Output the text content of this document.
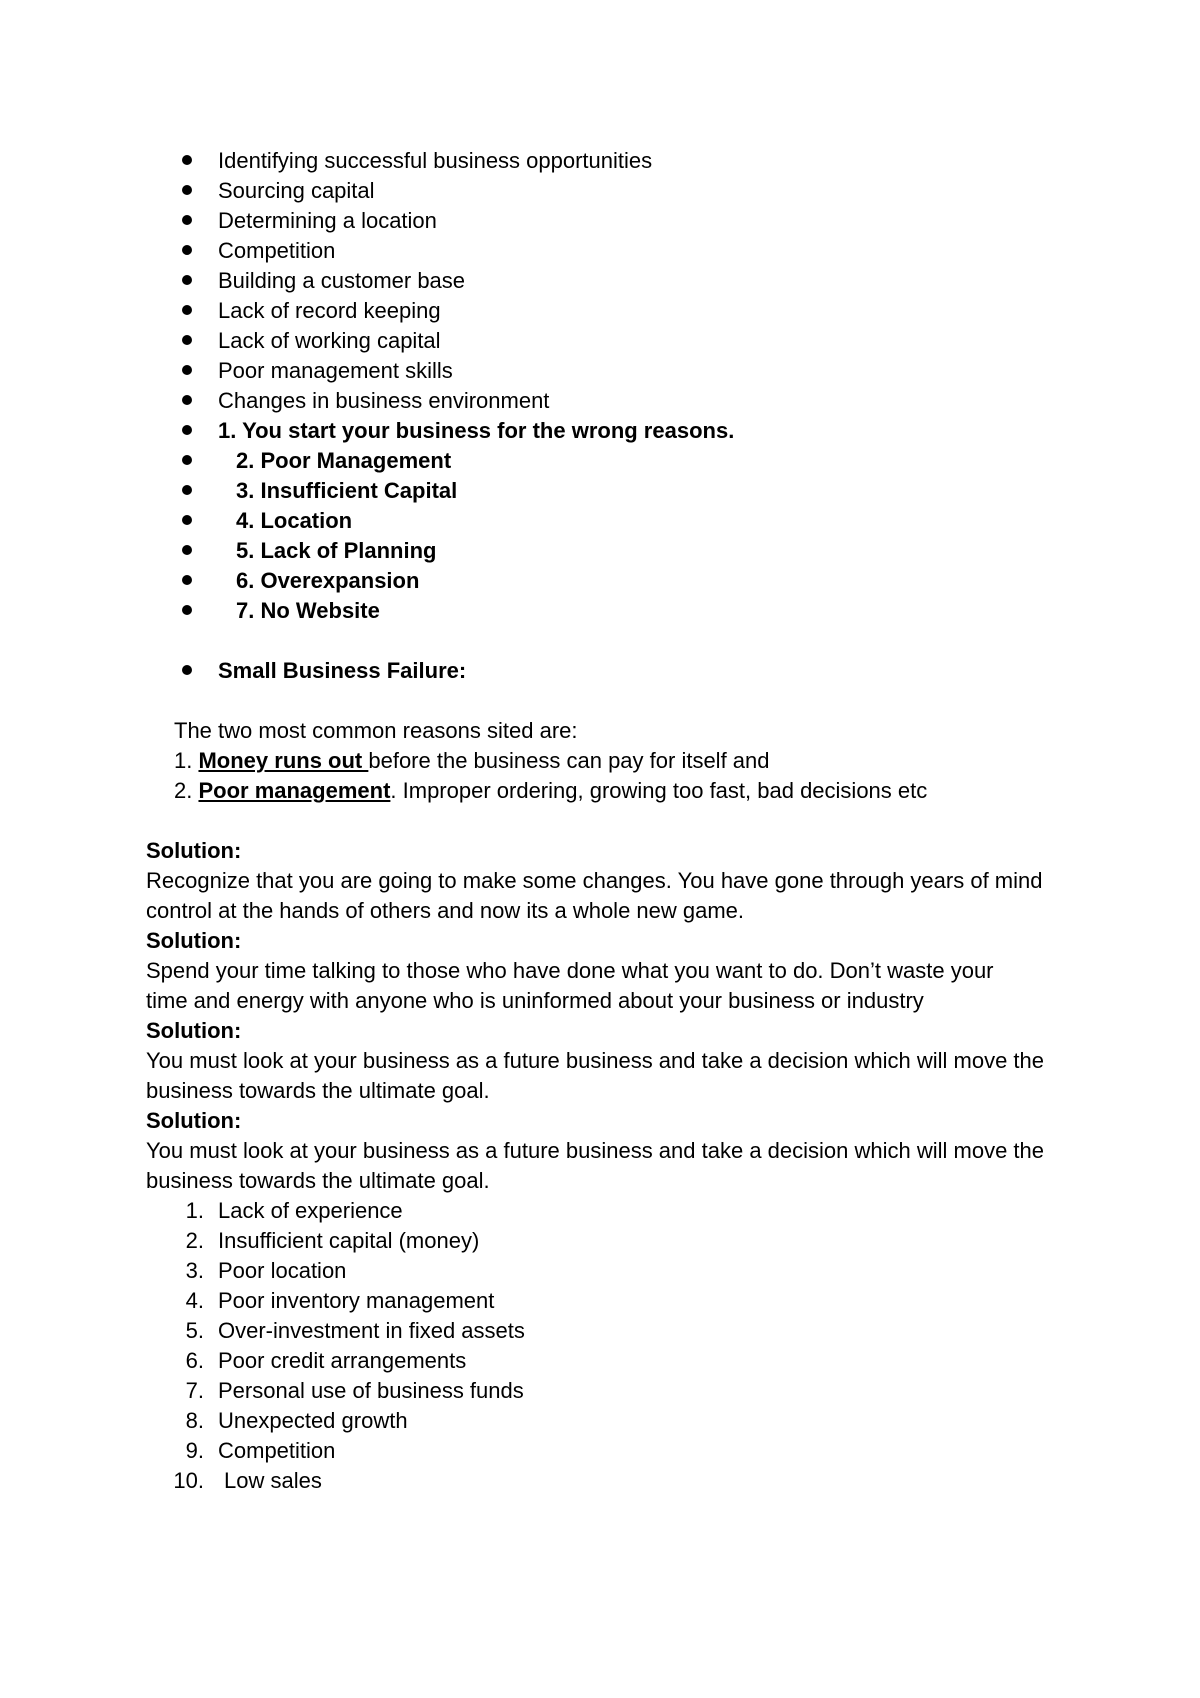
Identifying successful business opportunities
Sourcing capital
Determining a location
Competition
Building a customer base
Lack of record keeping
Lack of working capital
Poor management skills
Changes in business environment
1. You start your business for the wrong reasons.
2. Poor Management
3. Insufficient Capital
4. Location
5. Lack of Planning
6. Overexpansion
7. No Website
Small Business Failure:
The two most common reasons sited are:
1. Money runs out before the business can pay for itself and
2. Poor management. Improper ordering, growing too fast, bad decisions etc
Solution:
Recognize that you are going to make some changes. You have gone through years of mind
control at the hands of others and now its a whole new game.
Solution:
Spend your time talking to those who have done what you want to do. Don’t waste your
time and energy with anyone who is uninformed about your business or industry
Solution:
You must look at your business as a future business and take a decision which will move the
business towards the ultimate goal.
Solution:
You must look at your business as a future business and take a decision which will move the
business towards the ultimate goal.
1. Lack of experience
2. Insufficient capital (money)
3. Poor location
4. Poor inventory management
5. Over-investment in fixed assets
6. Poor credit arrangements
7. Personal use of business funds
8. Unexpected growth
9. Competition
10. Low sales
